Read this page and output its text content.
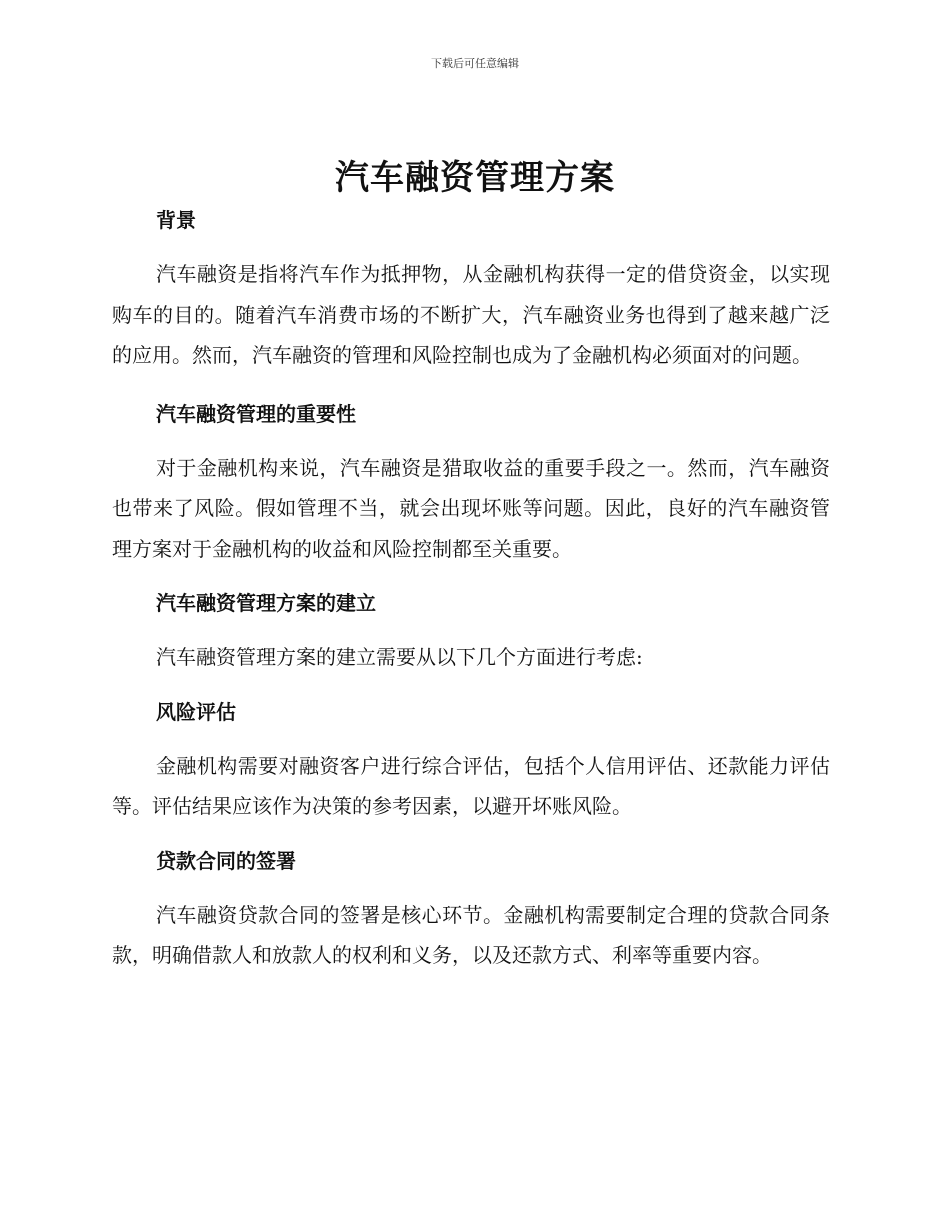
下载后可任意编辑
汽车融资管理方案
背景

汽车融资是指将汽车作为抵押物，从金融机构获得一定的借贷资金，以实现购车的目的。随着汽车消费市场的不断扩大，汽车融资业务也得到了越来越广泛的应用。然而，汽车融资的管理和风险控制也成为了金融机构必须面对的问题。

汽车融资管理的重要性

对于金融机构来说，汽车融资是猎取收益的重要手段之一。然而，汽车融资也带来了风险。假如管理不当，就会出现坏账等问题。因此，良好的汽车融资管理方案对于金融机构的收益和风险控制都至关重要。

汽车融资管理方案的建立

汽车融资管理方案的建立需要从以下几个方面进行考虑:

风险评估

金融机构需要对融资客户进行综合评估，包括个人信用评估、还款能力评估等。评估结果应该作为决策的参考因素，以避开坏账风险。

贷款合同的签署

汽车融资贷款合同的签署是核心环节。金融机构需要制定合理的贷款合同条款，明确借款人和放款人的权利和义务，以及还款方式、利率等重要内容。
